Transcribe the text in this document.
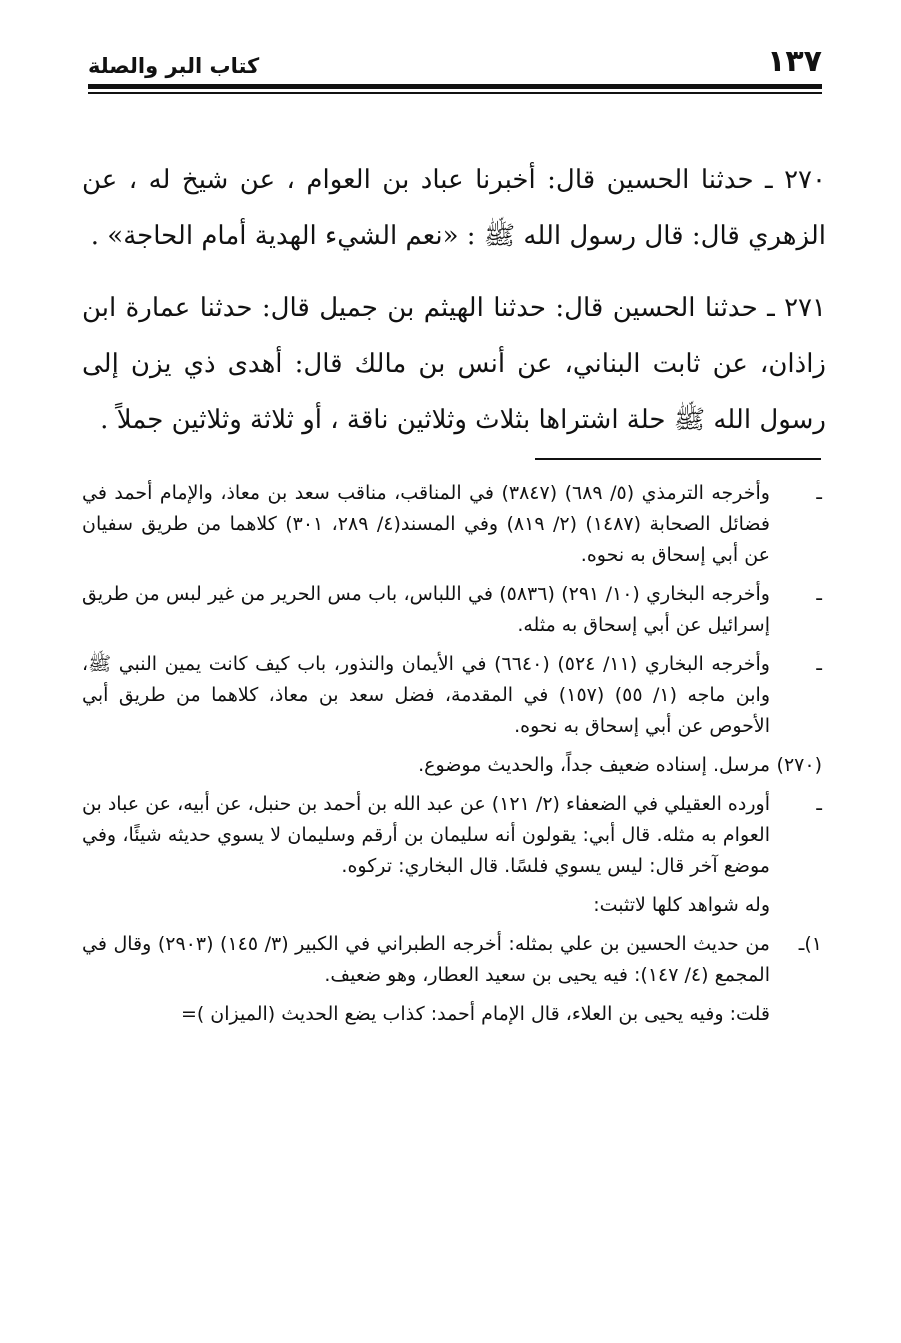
١٣٧
كتاب البر والصلة

٢٧٠ ـ حدثنا الحسين قال: أخبرنا عباد بن العوام ، عن شيخ له ، عن الزهري قال: قال رسول الله ﷺ : «نعم الشيء الهدية أمام الحاجة» .

٢٧١ ـ حدثنا الحسين قال: حدثنا الهيثم بن جميل قال: حدثنا عمارة ابن زاذان، عن ثابت البناني، عن أنس بن مالك قال: أهدى ذي يزن إلى رسول الله ﷺ حلة اشتراها بثلاث وثلاثين ناقة ، أو ثلاثة وثلاثين جملاً .

ـ
وأخرجه الترمذي (٥/ ٦٨٩) (٣٨٤٧) في المناقب، مناقب سعد بن معاذ، والإمام أحمد في فضائل الصحابة (١٤٨٧) (٢/ ٨١٩) وفي المسند(٤/ ٢٨٩، ٣٠١) كلاهما من طريق سفيان عن أبي إسحاق به نحوه.
ـ
وأخرجه البخاري (١٠/ ٢٩١) (٥٨٣٦) في اللباس، باب مس الحرير من غير لبس من طريق إسرائيل عن أبي إسحاق به مثله.
ـ
وأخرجه البخاري (١١/ ٥٢٤) (٦٦٤٠) في الأيمان والنذور، باب كيف كانت يمين النبي ﷺ، وابن ماجه (١/ ٥٥) (١٥٧) في المقدمة، فضل سعد بن معاذ، كلاهما من طريق أبي الأحوص عن أبي إسحاق به نحوه.
(٢٧٠)
مرسل. إسناده ضعيف جداً، والحديث موضوع.
ـ
أورده العقيلي في الضعفاء (٢/ ١٢١) عن عبد الله بن أحمد بن حنبل، عن أبيه، عن عباد بن العوام به مثله. قال أبي: يقولون أنه سليمان بن أرقم وسليمان لا يسوي حديثه شيئًا، وفي موضع آخر قال: ليس يسوي فلسًا. قال البخاري: تركوه.
وله شواهد كلها لاتثبت:
١)ـ
من حديث الحسين بن علي بمثله: أخرجه الطبراني في الكبير (٣/ ١٤٥) (٢٩٠٣) وقال في المجمع (٤/ ١٤٧): فيه يحيى بن سعيد العطار، وهو ضعيف.
قلت: وفيه يحيى بن العلاء، قال الإمام أحمد: كذاب يضع الحديث (الميزان )=
